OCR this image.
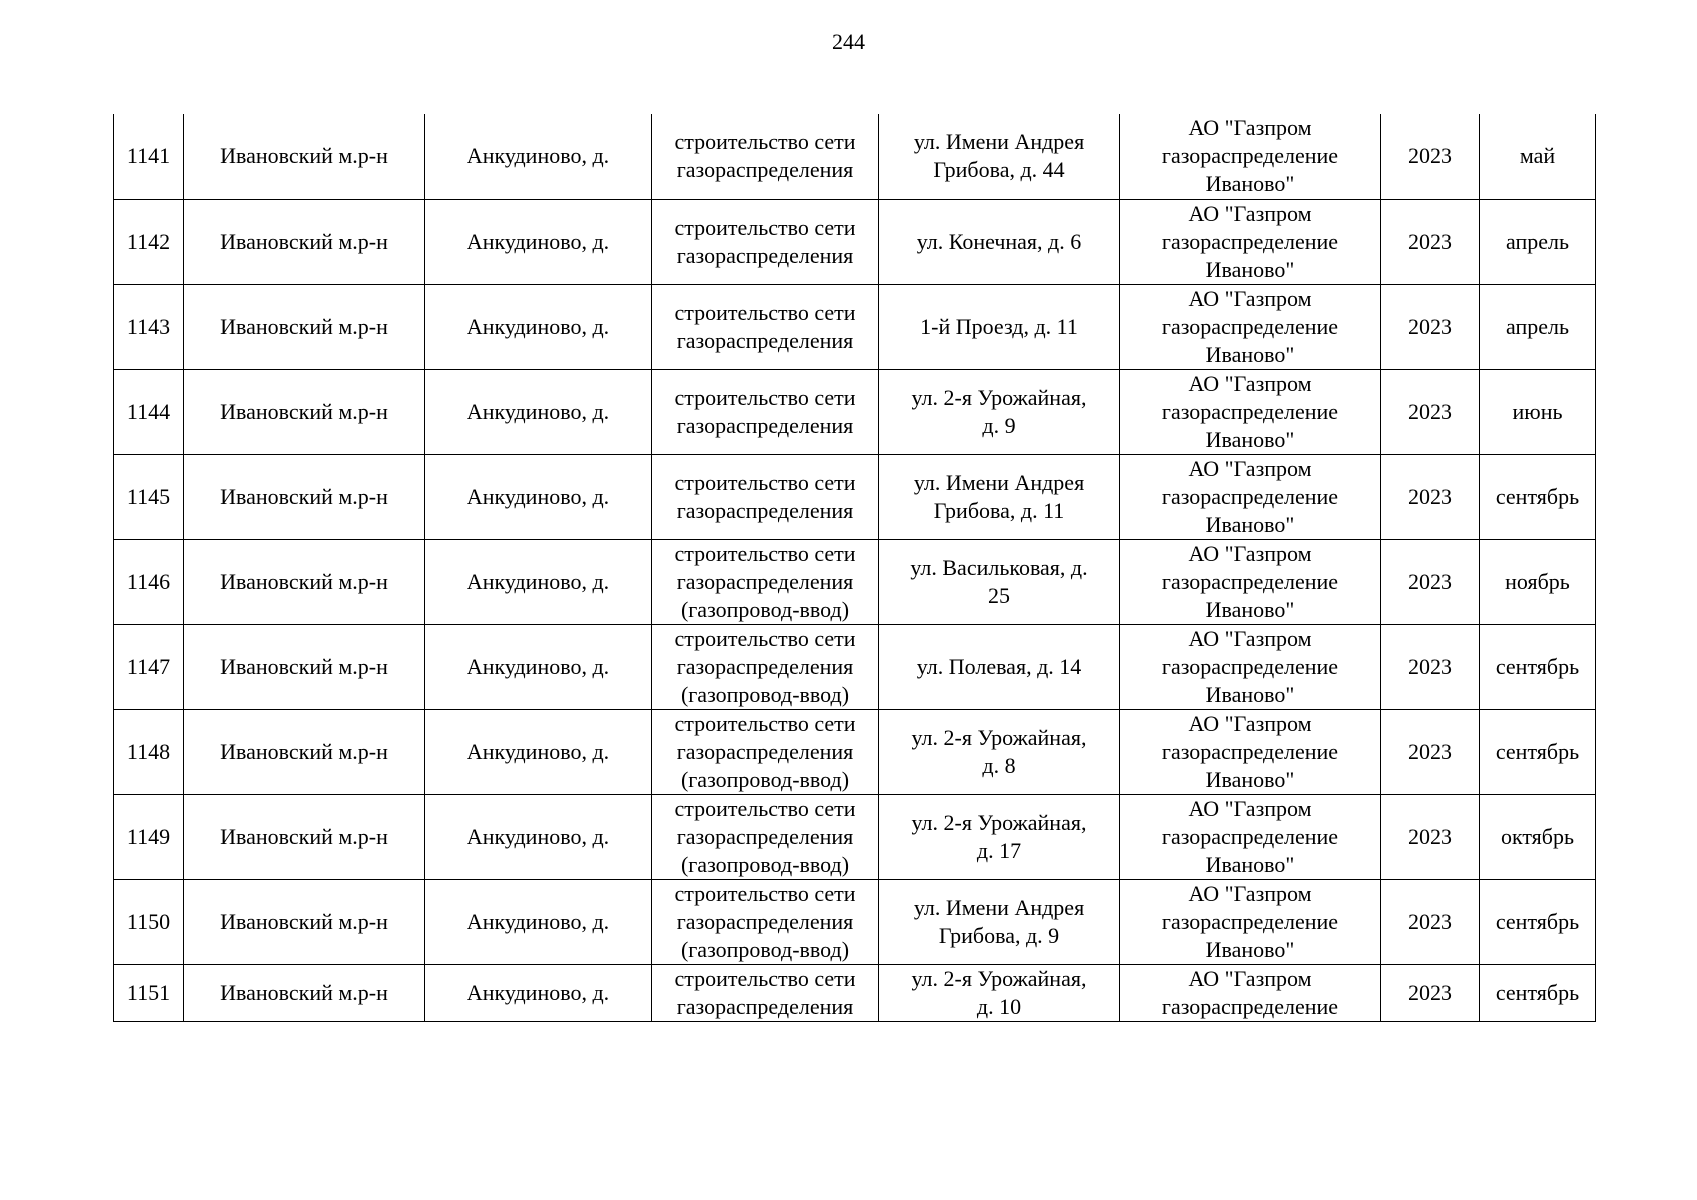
244
1141	Ивановский м.р-н	Анкудиново, д.	строительство сети
газораспределения	ул. Имени Андрея
Грибова, д. 44	АО "Газпром
газораспределение
Иваново"	2023	май
1142	Ивановский м.р-н	Анкудиново, д.	строительство сети
газораспределения	ул. Конечная, д. 6	АО "Газпром
газораспределение
Иваново"	2023	апрель
1143	Ивановский м.р-н	Анкудиново, д.	строительство сети
газораспределения	1-й Проезд, д. 11	АО "Газпром
газораспределение
Иваново"	2023	апрель
1144	Ивановский м.р-н	Анкудиново, д.	строительство сети
газораспределения	ул. 2-я Урожайная,
д. 9	АО "Газпром
газораспределение
Иваново"	2023	июнь
1145	Ивановский м.р-н	Анкудиново, д.	строительство сети
газораспределения	ул. Имени Андрея
Грибова, д. 11	АО "Газпром
газораспределение
Иваново"	2023	сентябрь
1146	Ивановский м.р-н	Анкудиново, д.	строительство сети
газораспределения
(газопровод-ввод)	ул. Васильковая, д.
25	АО "Газпром
газораспределение
Иваново"	2023	ноябрь
1147	Ивановский м.р-н	Анкудиново, д.	строительство сети
газораспределения
(газопровод-ввод)	ул. Полевая, д. 14	АО "Газпром
газораспределение
Иваново"	2023	сентябрь
1148	Ивановский м.р-н	Анкудиново, д.	строительство сети
газораспределения
(газопровод-ввод)	ул. 2-я Урожайная,
д. 8	АО "Газпром
газораспределение
Иваново"	2023	сентябрь
1149	Ивановский м.р-н	Анкудиново, д.	строительство сети
газораспределения
(газопровод-ввод)	ул. 2-я Урожайная,
д. 17	АО "Газпром
газораспределение
Иваново"	2023	октябрь
1150	Ивановский м.р-н	Анкудиново, д.	строительство сети
газораспределения
(газопровод-ввод)	ул. Имени Андрея
Грибова, д. 9	АО "Газпром
газораспределение
Иваново"	2023	сентябрь
1151	Ивановский м.р-н	Анкудиново, д.	строительство сети
газораспределения	ул. 2-я Урожайная,
д. 10	АО "Газпром
газораспределение	2023	сентябрь
